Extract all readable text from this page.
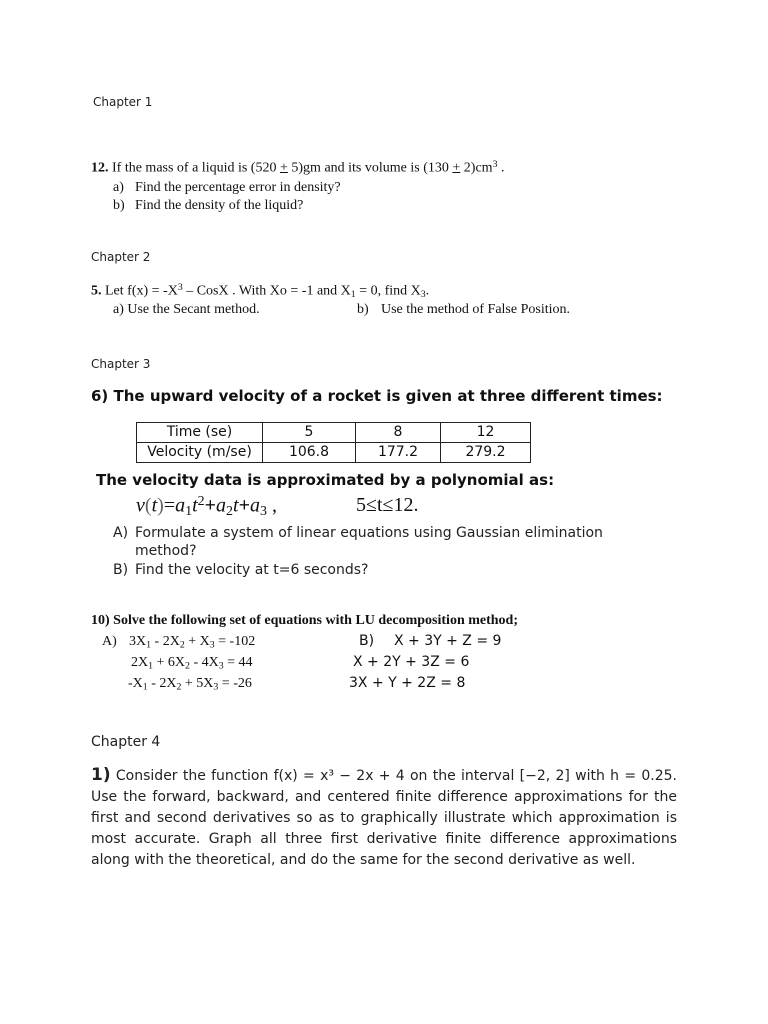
Chapter 1
12. If the mass of a liquid is (520 + 5)gm and its volume is $(130 + 2)cm^3$ .
a) Find the percentage error in density?
b) Find the density of the liquid?
Chapter 2
5. Let $f(x) = -X^3$ – CosX . With Xo = -1 and $X_1 = 0$, find $X_3$.
a) Use the Secant method.	b) Use the method of False Position.
Chapter 3
6) The upward velocity of a rocket is given at three different times:
Time (se)	5	8	12
Velocity (m/se)	106.8	177.2	279.2
The velocity data is approximated by a polynomial as:
$v(t)=a_1t^2+a_2t+a_3$ ,	5≤t≤12.
A) Formulate a system of linear equations using Gaussian elimination
method?
B) Find the velocity at t=6 seconds?
10) Solve the following set of equations with LU decomposition method;
A) $3X_1 - 2X_2 + X_3 = -102$
$2X_1 + 6X_2 - 4X_3 = 44$
$-X_1 - 2X_2 + 5X_3 = -26$
B) X + 3Y + Z = 9
X + 2Y + 3Z = 6
3X + Y + 2Z = 8
Chapter 4
1) Consider the function f(x) = x³ − 2x + 4 on the interval [−2, 2] with h = 0.25. Use the forward, backward, and centered finite difference approximations for the first and second derivatives so as to graphically illustrate which approximation is most accurate. Graph all three first derivative finite difference approximations along with the theoretical, and do the same for the second derivative as well.
